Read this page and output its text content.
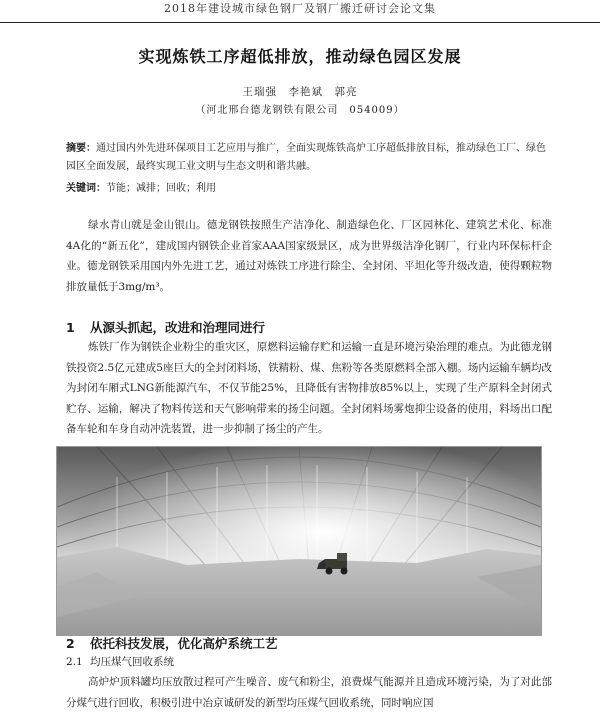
2018年建设城市绿色钢厂及钢厂搬迁研讨会论文集
实现炼铁工序超低排放，推动绿色园区发展
王瑞强　李艳斌　郭亮
（河北邢台德龙钢铁有限公司　054009）

摘要：通过国内外先进环保项目工艺应用与推广，全面实现炼铁高炉工序超低排放目标，推动绿色工厂、绿色园区全面发展，最终实现工业文明与生态文明和谐共融。

关键词：节能；减排；回收；利用

绿水青山就是金山银山。德龙钢铁按照生产洁净化、制造绿色化、厂区园林化、建筑艺术化、标准4A化的“新五化”，建成国内钢铁企业首家AAA国家级景区，成为世界级洁净化钢厂，行业内环保标杆企业。德龙钢铁采用国内外先进工艺，通过对炼铁工序进行除尘、全封闭、平坦化等升级改造，使得颗粒物排放量低于3mg/m³。

1 从源头抓起，改进和治理同进行

炼铁厂作为钢铁企业粉尘的重灾区，原燃料运输存贮和运输一直是环境污染治理的难点。为此德龙钢铁投资2.5亿元建成5座巨大的全封闭料场，铁精粉、煤、焦粉等各类原燃料全部入棚。场内运输车辆均改为封闭车厢式LNG新能源汽车，不仅节能25%，且降低有害物排放85%以上，实现了生产原料全封闭式贮存、运输，解决了物料传送和天气影响带来的扬尘问题。全封闭料场雾炮抑尘设备的使用，料场出口配备车轮和车身自动冲洗装置，进一步抑制了扬尘的产生。

2 依托科技发展，优化高炉系统工艺
2.1 均压煤气回收系统

高炉炉顶料罐均压放散过程可产生噪音、废气和粉尘，浪费煤气能源并且造成环境污染，为了对此部分煤气进行回收，积极引进中冶京诚研发的新型均压煤气回收系统，同时响应国
